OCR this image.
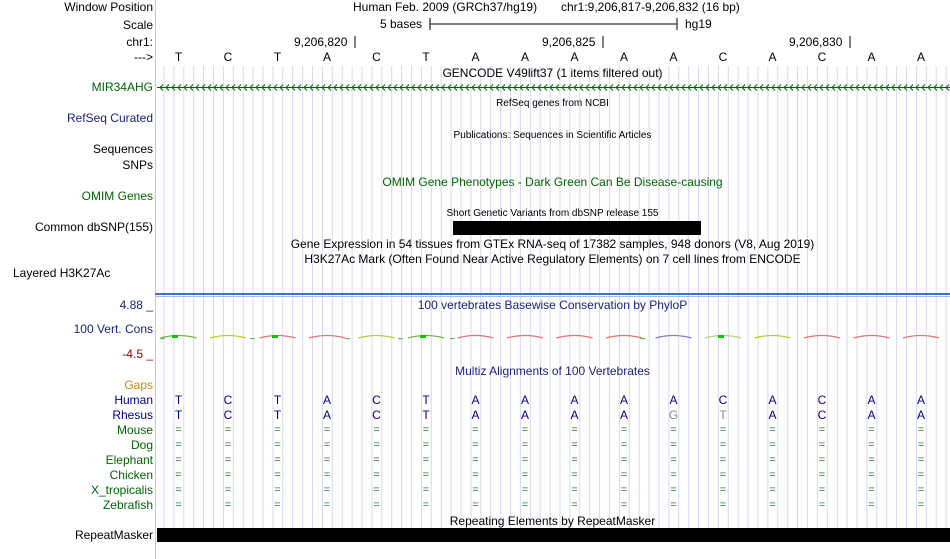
Window Position	Human Feb. 2009 (GRCh37/hg19) chr1:9,206,817-9,206,832 (16 bp)
Scale	5 bases	hg19
chr1:	9,206,820	9,206,825	9,206,830
--->	T	C	T	A	C	T	A	A	A	A	A	C	A	C	A	A
GENCODE V49lift37 (1 items filtered out)
MIR34AHG
RefSeq genes from NCBI
RefSeq Curated
Publications: Sequences in Scientific Articles
Sequences
SNPs
OMIM Gene Phenotypes - Dark Green Can Be Disease-causing
OMIM Genes
Short Genetic Variants from dbSNP release 155
Common dbSNP(155)
Gene Expression in 54 tissues from GTEx RNA-seq of 17382 samples, 948 donors (V8, Aug 2019)
H3K27Ac Mark (Often Found Near Active Regulatory Elements) on 7 cell lines from ENCODE
Layered H3K27Ac
100 vertebrates Basewise Conservation by PhyloP
4.88 _
100 Vert. Cons
-4.5 _
Multiz Alignments of 100 Vertebrates
Gaps
Human	T	C	T	A	C	T	A	A	A	A	A	C	A	C	A	A
Rhesus	T	C	T	A	C	T	A	A	A	A	G	T	A	C	A	A
Mouse	=	=	=	=	=	=	=	=	=	=	=	=	=	=	=	=
Dog	=	=	=	=	=	=	=	=	=	=	=	=	=	=	=	=
Elephant	=	=	=	=	=	=	=	=	=	=	=	=	=	=	=	=
Chicken	=	=	=	=	=	=	=	=	=	=	=	=	=	=	=	=
X_tropicalis	=	=	=	=	=	=	=	=	=	=	=	=	=	=	=	=
Zebrafish	=	=	=	=	=	=	=	=	=	=	=	=	=	=	=	=
Repeating Elements by RepeatMasker
RepeatMasker
